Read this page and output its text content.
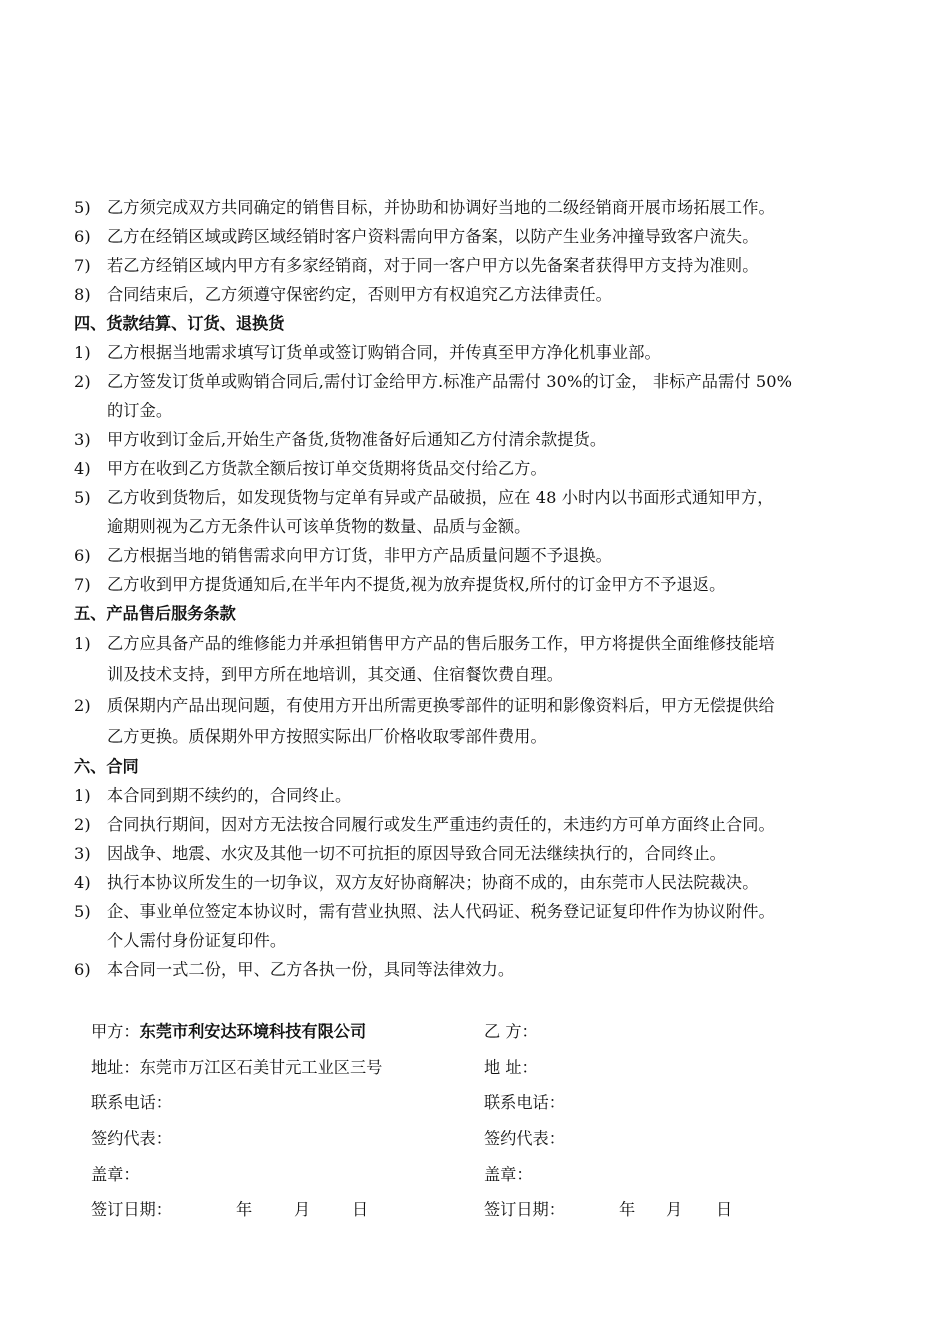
5) 乙方须完成双方共同确定的销售目标，并协助和协调好当地的二级经销商开展市场拓展工作。
6) 乙方在经销区域或跨区域经销时客户资料需向甲方备案，以防产生业务冲撞导致客户流失。
7) 若乙方经销区域内甲方有多家经销商，对于同一客户甲方以先备案者获得甲方支持为准则。
8) 合同结束后，乙方须遵守保密约定，否则甲方有权追究乙方法律责任。
四、货款结算、订货、退换货
1) 乙方根据当地需求填写订货单或签订购销合同，并传真至甲方净化机事业部。
2) 乙方签发订货单或购销合同后,需付订金给甲方.标准产品需付 30%的订金， 非标产品需付 50%
的订金。
3) 甲方收到订金后,开始生产备货,货物准备好后通知乙方付清余款提货。
4) 甲方在收到乙方货款全额后按订单交货期将货品交付给乙方。
5) 乙方收到货物后，如发现货物与定单有异或产品破损，应在 48 小时内以书面形式通知甲方，
逾期则视为乙方无条件认可该单货物的数量、品质与金额。
6) 乙方根据当地的销售需求向甲方订货，非甲方产品质量问题不予退换。
7) 乙方收到甲方提货通知后,在半年内不提货,视为放弃提货权,所付的订金甲方不予退返。
五、产品售后服务条款
1) 乙方应具备产品的维修能力并承担销售甲方产品的售后服务工作，甲方将提供全面维修技能培
训及技术支持，到甲方所在地培训，其交通、住宿餐饮费自理。
2) 质保期内产品出现问题，有使用方开出所需更换零部件的证明和影像资料后，甲方无偿提供给
乙方更换。质保期外甲方按照实际出厂价格收取零部件费用。
六、合同
1) 本合同到期不续约的，合同终止。
2) 合同执行期间，因对方无法按合同履行或发生严重违约责任的，未违约方可单方面终止合同。
3) 因战争、地震、水灾及其他一切不可抗拒的原因导致合同无法继续执行的，合同终止。
4) 执行本协议所发生的一切争议，双方友好协商解决；协商不成的，由东莞市人民法院裁决。
5) 企、事业单位签定本协议时，需有营业执照、法人代码证、税务登记证复印件作为协议附件。
个人需付身份证复印件。
6) 本合同一式二份，甲、乙方各执一份，具同等法律效力。
甲方：东莞市利安达环境科技有限公司	乙 方：
地址：东莞市万江区石美甘元工业区三号	地 址：
联系电话：	联系电话：
签约代表：	签约代表：
盖章：	盖章：
签订日期：	年	月	日	签订日期：	年 月 日
